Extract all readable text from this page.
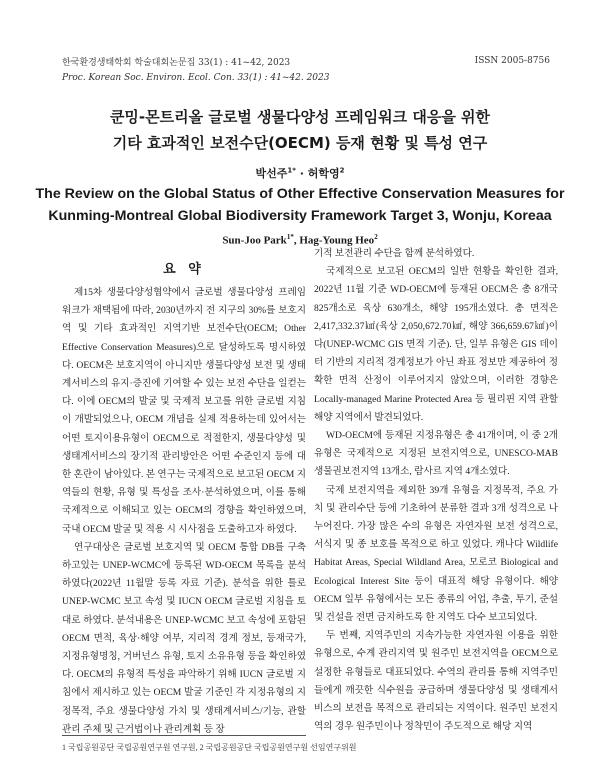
한국환경생태학회 학술대회논문집 33(1) : 41~42, 2023
Proc. Korean Soc. Environ. Ecol. Con. 33(1) : 41~42. 2023
ISSN 2005-8756
쿤밍-몬트리올 글로벌 생물다양성 프레임워크 대응을 위한
기타 효과적인 보전수단(OECM) 등재 현황 및 특성 연구
박선주$^{1*}$ · 허학영$^2$
The Review on the Global Status of Other Effective Conservation Measures for
Kunming-Montreal Global Biodiversity Framework Target 3, Wonju, Koreaa
Sun-Joo Park$^{1*}$, Hag-Young Heo$^2$
요 약

제15차 생물다양성협약에서 글로벌 생물다양성 프레임워크가 채택됨에 따라, 2030년까지 전 지구의 30%를 보호지역 및 기타 효과적인 지역기반 보전수단(OECM; Other Effective Conservation Measures)으로 달성하도록 명시하였다. OECM은 보호지역이 아니지만 생물다양성 보전 및 생태계서비스의 유지·증진에 기여할 수 있는 보전 수단을 일컫는다. 이에 OECM의 발굴 및 국제적 보고를 위한 글로벌 지침이 개발되었으나, OECM 개념을 실제 적용하는데 있어서는 어떤 토지이용유형이 OECM으로 적절한지, 생물다양성 및 생태계서비스의 장기적 관리방안은 어떤 수준인지 등에 대한 혼란이 남아있다. 본 연구는 국제적으로 보고된 OECM 지역들의 현황, 유형 및 특성을 조사·분석하였으며, 이를 통해 국제적으로 이해되고 있는 OECM의 경향을 확인하였으며, 국내 OECM 발굴 및 적용 시 시사점을 도출하고자 하였다.

연구대상은 글로벌 보호지역 및 OECM 통합 DB를 구축하고있는 UNEP-WCMC에 등록된 WD-OECM 목록을 분석하였다(2022년 11월말 등록 자료 기준). 분석을 위한 틀로 UNEP-WCMC 보고 속성 및 IUCN OECM 글로벌 지침을 토대로 하였다. 분석내용은 UNEP-WCMC 보고 속성에 포함된 OECM 면적, 육상·해양 여부, 지리적 경계 정보, 등재국가, 지정유형명칭, 거버넌스 유형, 토지 소유유형 등을 확인하였다. OECM의 유형적 특성을 파악하기 위해 IUCN 글로벌 지침에서 제시하고 있는 OECM 발굴 기준인 각 지정유형의 지정목적, 주요 생물다양성 가치 및 생태계서비스/기능, 관할관리 주체 및 근거법이나 관리계획 등 장

기적 보전관리 수단을 함께 분석하였다.

국제적으로 보고된 OECM의 일반 현황을 확인한 결과, 2022년 11월 기준 WD-OECM에 등재된 OECM은 총 8개국 825개소로 육상 630개소, 해양 195개소였다. 총 면적은 2,417,332.37㎢(육상 2,050,672.70㎢, 해양 366,659.67㎢)이다(UNEP-WCMC GIS 면적 기준). 단, 일부 유형은 GIS 데이터 기반의 지리적 경계정보가 아닌 좌표 정보만 제공하여 정확한 면적 산정이 이루어지지 않았으며, 이러한 경향은 Locally-managed Marine Protected Area 등 필리핀 지역 관할 해양 지역에서 발견되었다.

WD-OECM에 등재된 지정유형은 총 41개이며, 이 중 2개 유형은 국제적으로 지정된 보전지역으로, UNESCO-MAB 생물권보전지역 13개소, 람사르 지역 4개소였다.

국제 보전지역을 제외한 39개 유형을 지정목적, 주요 가치 및 관리수단 등에 기초하여 분류한 결과 3개 성격으로 나누어진다. 가장 많은 수의 유형은 자연자원 보전 성격으로, 서식지 및 종 보호를 목적으로 하고 있었다. 캐나다 Wildlife Habitat Areas, Special Wildland Area, 모로코 Biological and Ecological Interest Site 등이 대표적 해당 유형이다. 해양OECM 일부 유형에서는 모든 종류의 어업, 추출, 투기, 준설 및 건설을 전면 금지하도록 한 지역도 다수 보고되었다.

두 번째, 지역주민의 지속가능한 자연자원 이용을 위한 유형으로, 수계 관리지역 및 원주민 보전지역을 OECM으로 설정한 유형들로 대표되었다. 수역의 관리를 통해 지역주민들에게 깨끗한 식수원을 공급하며 생물다양성 및 생태계서비스의 보전을 목적으로 관리되는 지역이다. 원주민 보전지역의 경우 원주민이나 정착민이 주도적으로 해당 지역

1 국립공원공단 국립공원연구원 연구원, 2 국립공원공단 국립공원연구원 선임연구위원
